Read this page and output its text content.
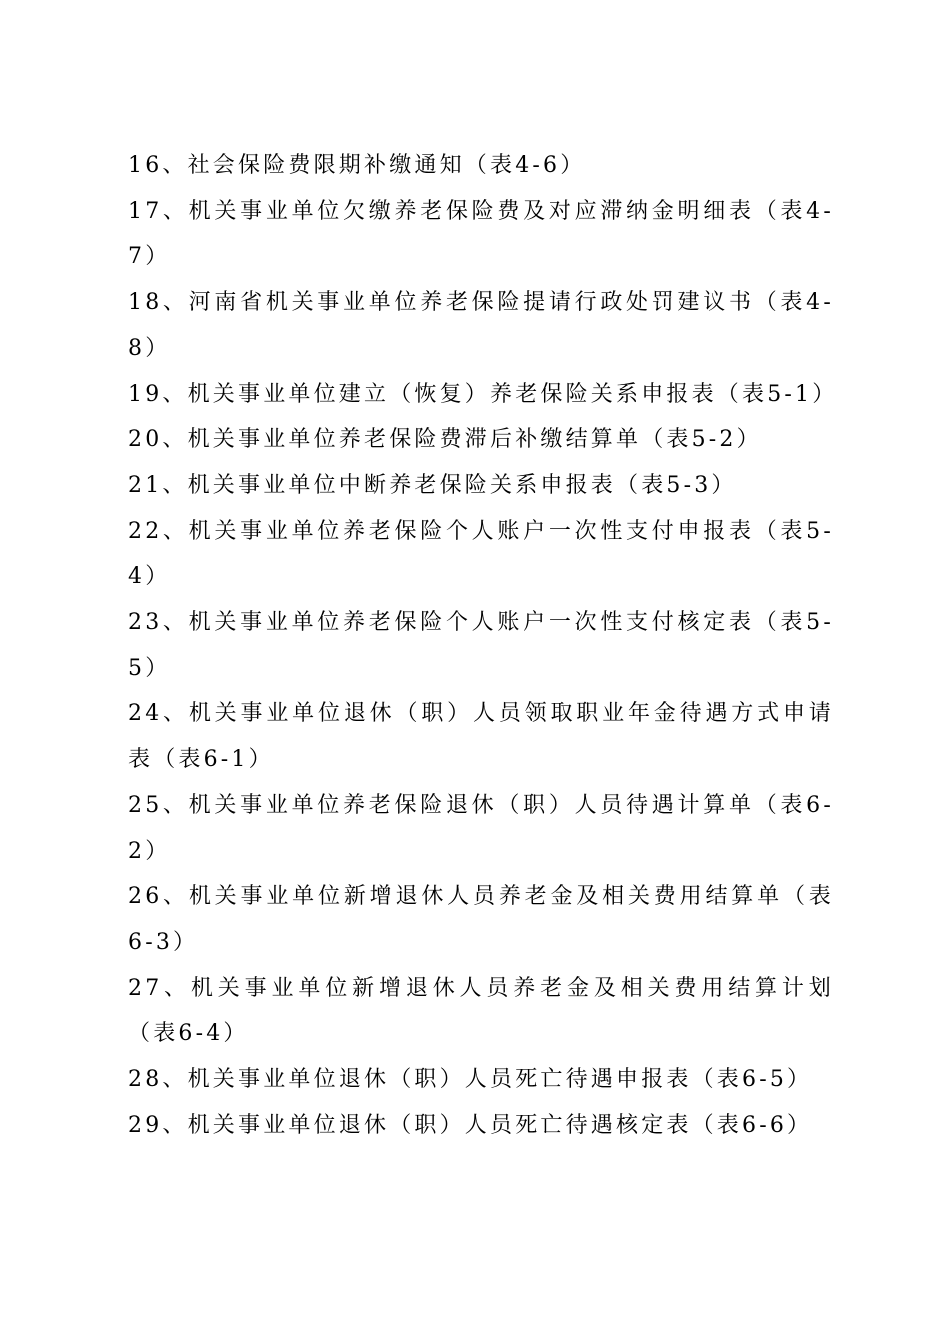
16、社会保险费限期补缴通知（表4-6）
17、机关事业单位欠缴养老保险费及对应滞纳金明细表（表4-7）
18、河南省机关事业单位养老保险提请行政处罚建议书（表4-8）
19、机关事业单位建立（恢复）养老保险关系申报表（表5-1）
20、机关事业单位养老保险费滞后补缴结算单（表5-2）
21、机关事业单位中断养老保险关系申报表（表5-3）
22、机关事业单位养老保险个人账户一次性支付申报表（表5-4）
23、机关事业单位养老保险个人账户一次性支付核定表（表5-5）
24、机关事业单位退休（职）人员领取职业年金待遇方式申请表（表6-1）
25、机关事业单位养老保险退休（职）人员待遇计算单（表6-2）
26、机关事业单位新增退休人员养老金及相关费用结算单（表6-3）
27、机关事业单位新增退休人员养老金及相关费用结算计划（表6-4）
28、机关事业单位退休（职）人员死亡待遇申报表（表6-5）
29、机关事业单位退休（职）人员死亡待遇核定表（表6-6）
